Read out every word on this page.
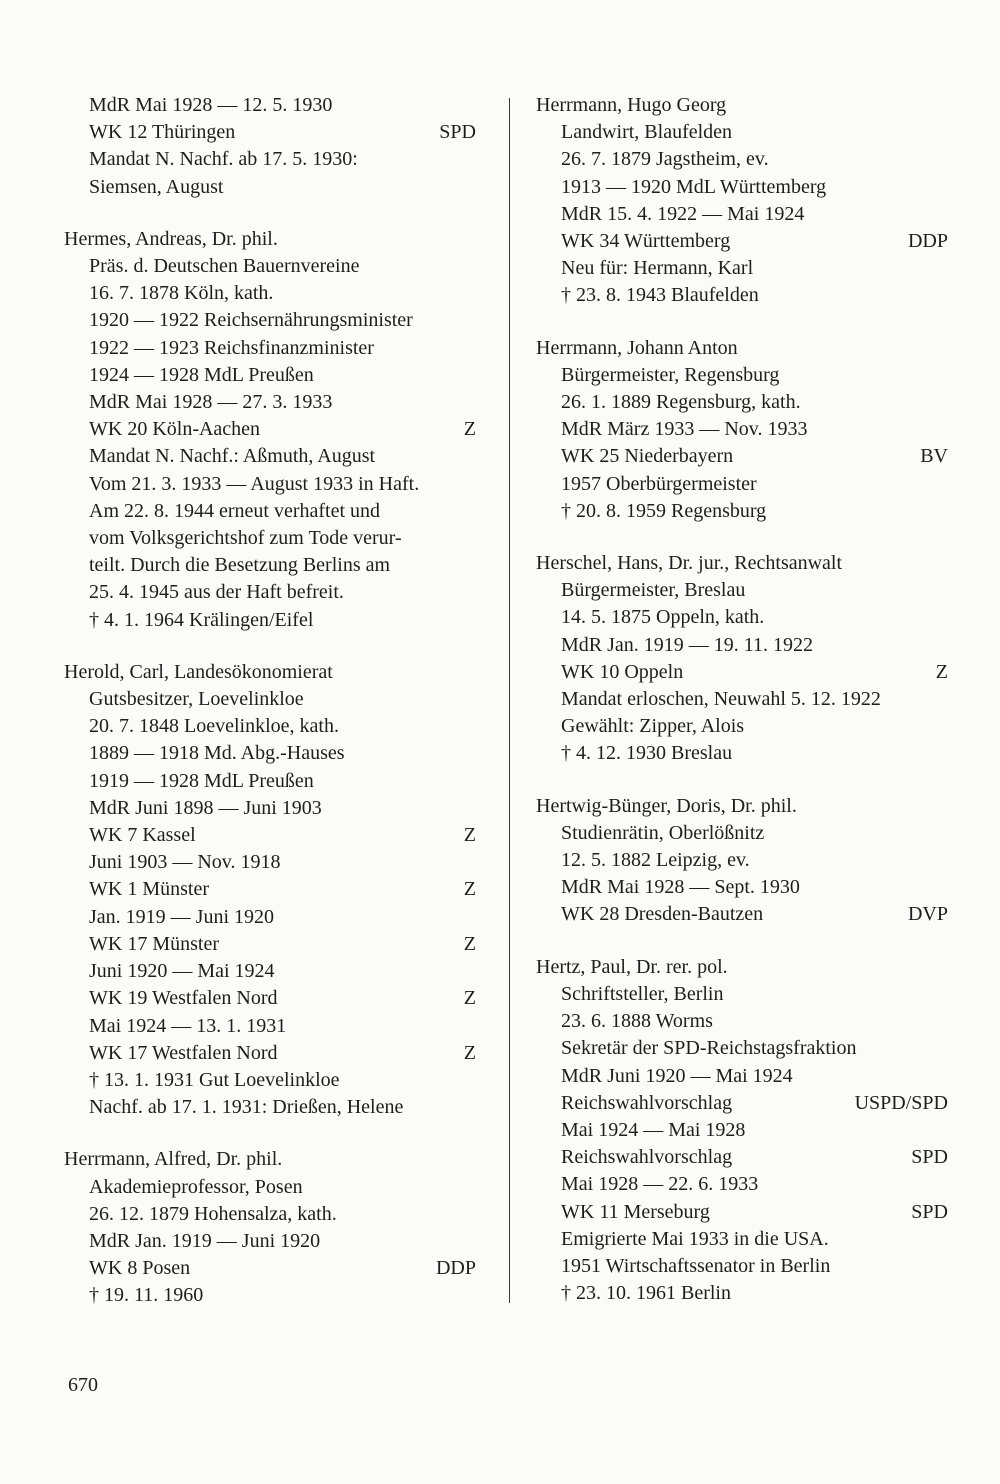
MdR Mai 1928 — 12. 5. 1930
WK 12 Thüringen	SPD
Mandat N. Nachf. ab 17. 5. 1930:
Siemsen, August
Hermes, Andreas, Dr. phil.
Präs. d. Deutschen Bauernvereine
16. 7. 1878 Köln, kath.
1920 — 1922 Reichsernährungsminister
1922 — 1923 Reichsfinanzminister
1924 — 1928 MdL Preußen
MdR Mai 1928 — 27. 3. 1933
WK 20 Köln-Aachen	Z
Mandat N. Nachf.: Aßmuth, August
Vom 21. 3. 1933 — August 1933 in Haft.
Am 22. 8. 1944 erneut verhaftet und
vom Volksgerichtshof zum Tode verur-
teilt. Durch die Besetzung Berlins am
25. 4. 1945 aus der Haft befreit.
† 4. 1. 1964 Krälingen/Eifel
Herold, Carl, Landesökonomierat
Gutsbesitzer, Loevelinkloe
20. 7. 1848 Loevelinkloe, kath.
1889 — 1918 Md. Abg.-Hauses
1919 — 1928 MdL Preußen
MdR Juni 1898 — Juni 1903
WK 7 Kassel	Z
Juni 1903 — Nov. 1918
WK 1 Münster	Z
Jan. 1919 — Juni 1920
WK 17 Münster	Z
Juni 1920 — Mai 1924
WK 19 Westfalen Nord	Z
Mai 1924 — 13. 1. 1931
WK 17 Westfalen Nord	Z
† 13. 1. 1931 Gut Loevelinkloe
Nachf. ab 17. 1. 1931: Drießen, Helene
Herrmann, Alfred, Dr. phil.
Akademieprofessor, Posen
26. 12. 1879 Hohensalza, kath.
MdR Jan. 1919 — Juni 1920
WK 8 Posen	DDP
† 19. 11. 1960
Herrmann, Hugo Georg
Landwirt, Blaufelden
26. 7. 1879 Jagstheim, ev.
1913 — 1920 MdL Württemberg
MdR 15. 4. 1922 — Mai 1924
WK 34 Württemberg	DDP
Neu für: Hermann, Karl
† 23. 8. 1943 Blaufelden
Herrmann, Johann Anton
Bürgermeister, Regensburg
26. 1. 1889 Regensburg, kath.
MdR März 1933 — Nov. 1933
WK 25 Niederbayern	BV
1957 Oberbürgermeister
† 20. 8. 1959 Regensburg
Herschel, Hans, Dr. jur., Rechtsanwalt
Bürgermeister, Breslau
14. 5. 1875 Oppeln, kath.
MdR Jan. 1919 — 19. 11. 1922
WK 10 Oppeln	Z
Mandat erloschen, Neuwahl 5. 12. 1922
Gewählt: Zipper, Alois
† 4. 12. 1930 Breslau
Hertwig-Bünger, Doris, Dr. phil.
Studienrätin, Oberlößnitz
12. 5. 1882 Leipzig, ev.
MdR Mai 1928 — Sept. 1930
WK 28 Dresden-Bautzen	DVP
Hertz, Paul, Dr. rer. pol.
Schriftsteller, Berlin
23. 6. 1888 Worms
Sekretär der SPD-Reichstagsfraktion
MdR Juni 1920 — Mai 1924
Reichswahlvorschlag	USPD/SPD
Mai 1924 — Mai 1928
Reichswahlvorschlag	SPD
Mai 1928 — 22. 6. 1933
WK 11 Merseburg	SPD
Emigrierte Mai 1933 in die USA.
1951 Wirtschaftssenator in Berlin
† 23. 10. 1961 Berlin
670
